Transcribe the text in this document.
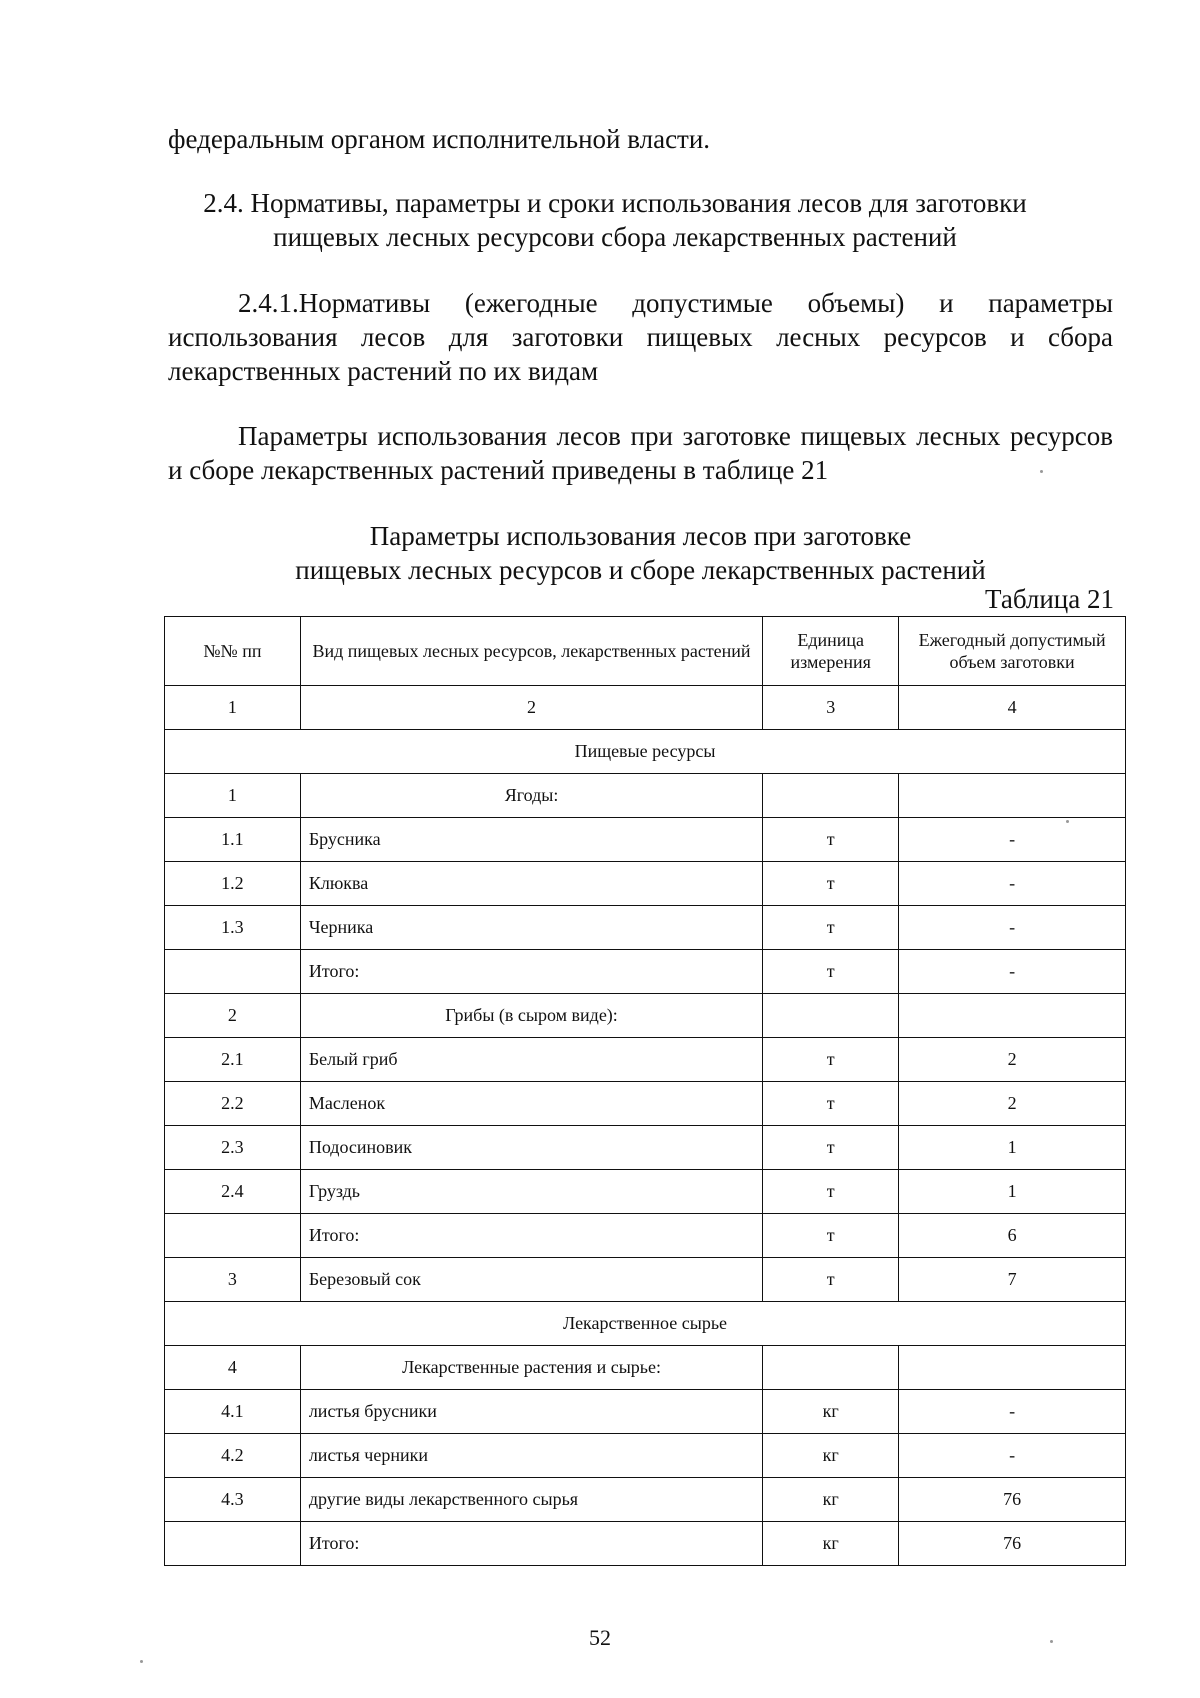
федеральным органом исполнительной власти.
2.4. Нормативы, параметры и сроки использования лесов для заготовки
пищевых лесных ресурсови сбора лекарственных растений
2.4.1.Нормативы (ежегодные допустимые объемы) и параметры использования лесов для заготовки пищевых лесных ресурсов и сбора лекарственных растений по их видам
Параметры использования лесов при заготовке пищевых лесных ресурсов и сборе лекарственных растений приведены в таблице 21
Параметры использования лесов при заготовке
пищевых лесных ресурсов и сборе лекарственных растений
Таблица 21
№№ пп	Вид пищевых лесных ресурсов, лекарственных растений	Единица измерения	Ежегодный допустимый объем заготовки
1	2	3	4
Пищевые ресурсы			
1	Ягоды:		
1.1	Брусника	т	-
1.2	Клюква	т	-
1.3	Черника	т	-
	Итого:	т	-
2	Грибы (в сыром виде):		
2.1	Белый гриб	т	2
2.2	Масленок	т	2
2.3	Подосиновик	т	1
2.4	Груздь	т	1
	Итого:	т	6
3	Березовый сок	т	7
Лекарственное сырье			
4	Лекарственные растения и сырье:		
4.1	листья брусники	кг	-
4.2	листья черники	кг	-
4.3	другие виды лекарственного сырья	кг	76
	Итого:	кг	76
52
